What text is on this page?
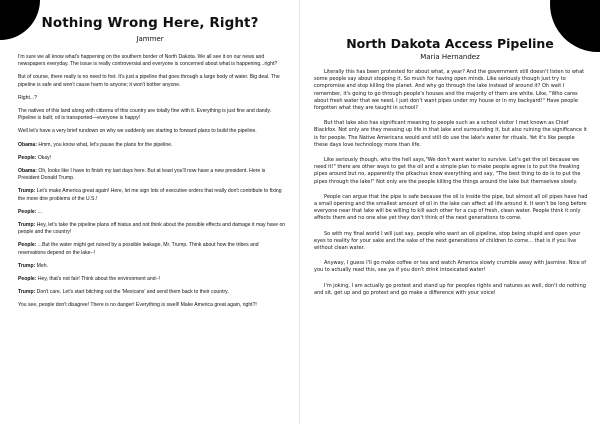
Nothing Wrong Here, Right?
Jammer

I'm sure we all know what's happening on the southern border of North Dakota. We all see it on our news and newspapers everyday. The issue is really controversial and everyone is concerned about what is happening...right?

But of course, there really is no need to fret. It's just a pipeline that goes through a large body of water. Big deal. The pipeline is safe and won't cause harm to anyone; it won't bother anyone.

Right...?

The natives of this land along with citizens of this country are totally fine with it. Everything is just fine and dandy. Pipeline is built; oil is transported—everyone is happy!

Well let's have a very brief rundown on why we suddenly are starting to forward plans to build the pipeline.

Obama: Hmm, you know what, let's pause the plans for the pipeline.

People: Okay!

Obama: Oh, looks like I have to finish my last days here. But at least you'll now have a new president. Here is President Donald Trump.

Trump: Let's make America great again! Here, let me sign lots of executive orders that really don't contribute to fixing the more dire problems of the U.S.!

People: ...

Trump: Hey, let's take the pipeline plans off hiatus and not think about the possible effects and damage it may have on people and the country!

People: ...But the water might get ruined by a possible leakage, Mr. Trump. Think about how the tribes and reservations depend on the lake--!

Trump: Meh.

People: Hey, that's not fair! Think about the environment and--!

Trump: Don't care. Let's start bitching out the 'Mexicans' and send them back to their country.

You see, people don't disagree! There is no danger! Everything is swell! Make America great again, right?!

North Dakota Access Pipeline
Maria Hernandez

Literally this has been protested for about what, a year? And the government still doesn't listen to what some people say about stopping it. So much for having open minds. Like seriously though just try to compromise and stop killing the planet. And why go through the lake instead of around it? Oh wait I remember, it's going to go through people's houses and the majority of them are white. Like, "Who cares about fresh water that we need, I just don't want pipes under my house or in my backyard!" Have people forgotten what they are taught in school?

But that lake also has significant meaning to people such as a school visitor I met known as Chief Blackfox. Not only are they messing up life in that lake and surrounding it, but also ruining the significance it is for people. The Native Americans would and still do use the lake's water for rituals. Yet it's like people these days love technology more than life.

Like seriously though, who the hell says,"We don't want water to survive. Let's get the oil because we need it!" there are other ways to get the oil and a simple plan to make people agree is to put the freaking pipes around but no, apparently the pikachus know everything and say, "The best thing to do is to put the pipes through the lake!" Not only are the people killing the things around the lake but themselves slowly.

People can argue that the pipe is safe because the oil is inside the pipe, but almost all oil pipes have had a small opening and the smallest amount of oil in the lake can affect all life around it. It won't be long before everyone near that lake will be willing to kill each other for a cup of fresh, clean water. People think it only affects them and no one else yet they don't think of the next generations to come.

So with my final world I will just say, people who want an oil pipeline, stop being stupid and open your eyes to reality for your sake and the sake of the next generations of children to come... that is if you live without clean water.

Anyway, I guess I'll go make coffee or tea and watch America slowly crumble away with Jasmine. Nice of you to actually read this, see ya if you don't drink intoxicated water!

I'm joking, I am actually go protest and stand up for peoples rights and natures as well, don't do nothing and sit, get up and go protest and go make a difference with your voice!
